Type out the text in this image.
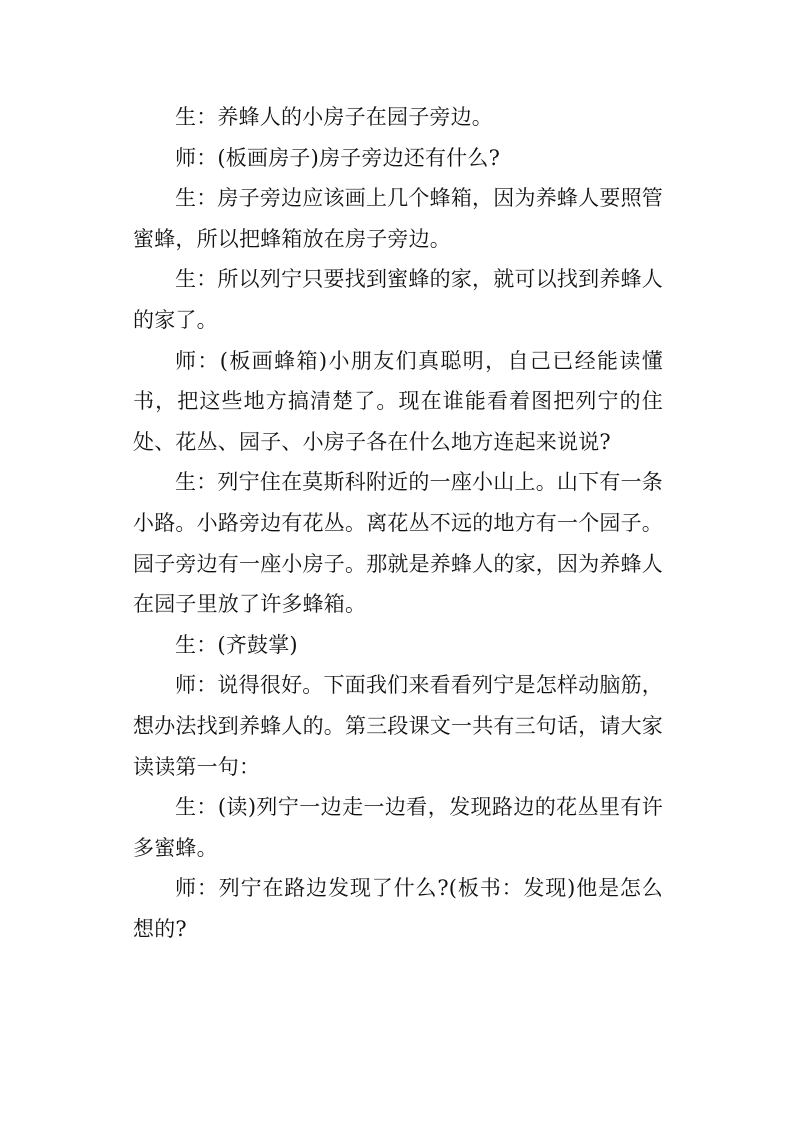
生：养蜂人的小房子在园子旁边。

师：(板画房子)房子旁边还有什么?

生：房子旁边应该画上几个蜂箱，因为养蜂人要照管蜜蜂，所以把蜂箱放在房子旁边。

生：所以列宁只要找到蜜蜂的家，就可以找到养蜂人的家了。

师：(板画蜂箱)小朋友们真聪明，自己已经能读懂书，把这些地方搞清楚了。现在谁能看着图把列宁的住处、花丛、园子、小房子各在什么地方连起来说说?

生：列宁住在莫斯科附近的一座小山上。山下有一条小路。小路旁边有花丛。离花丛不远的地方有一个园子。园子旁边有一座小房子。那就是养蜂人的家，因为养蜂人在园子里放了许多蜂箱。

生：(齐鼓掌)

师：说得很好。下面我们来看看列宁是怎样动脑筋，想办法找到养蜂人的。第三段课文一共有三句话，请大家读读第一句：

生：(读)列宁一边走一边看，发现路边的花丛里有许多蜜蜂。

师：列宁在路边发现了什么?(板书：发现)他是怎么想的?
